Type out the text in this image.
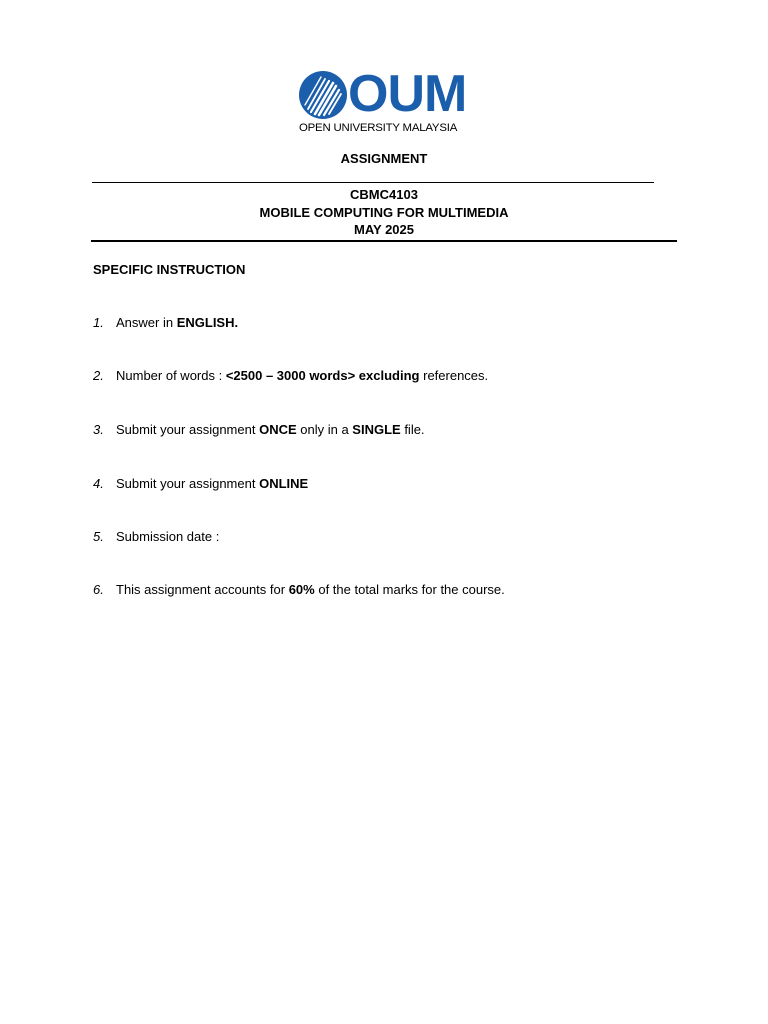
OUM
OPEN UNIVERSITY MALAYSIA
ASSIGNMENT
CBMC4103
MOBILE COMPUTING FOR MULTIMEDIA
MAY 2025
SPECIFIC INSTRUCTION
1. Answer in ENGLISH.
2. Number of words : <2500 – 3000 words> excluding references.
3. Submit your assignment ONCE only in a SINGLE file.
4. Submit your assignment ONLINE
5. Submission date :
6. This assignment accounts for 60% of the total marks for the course.
